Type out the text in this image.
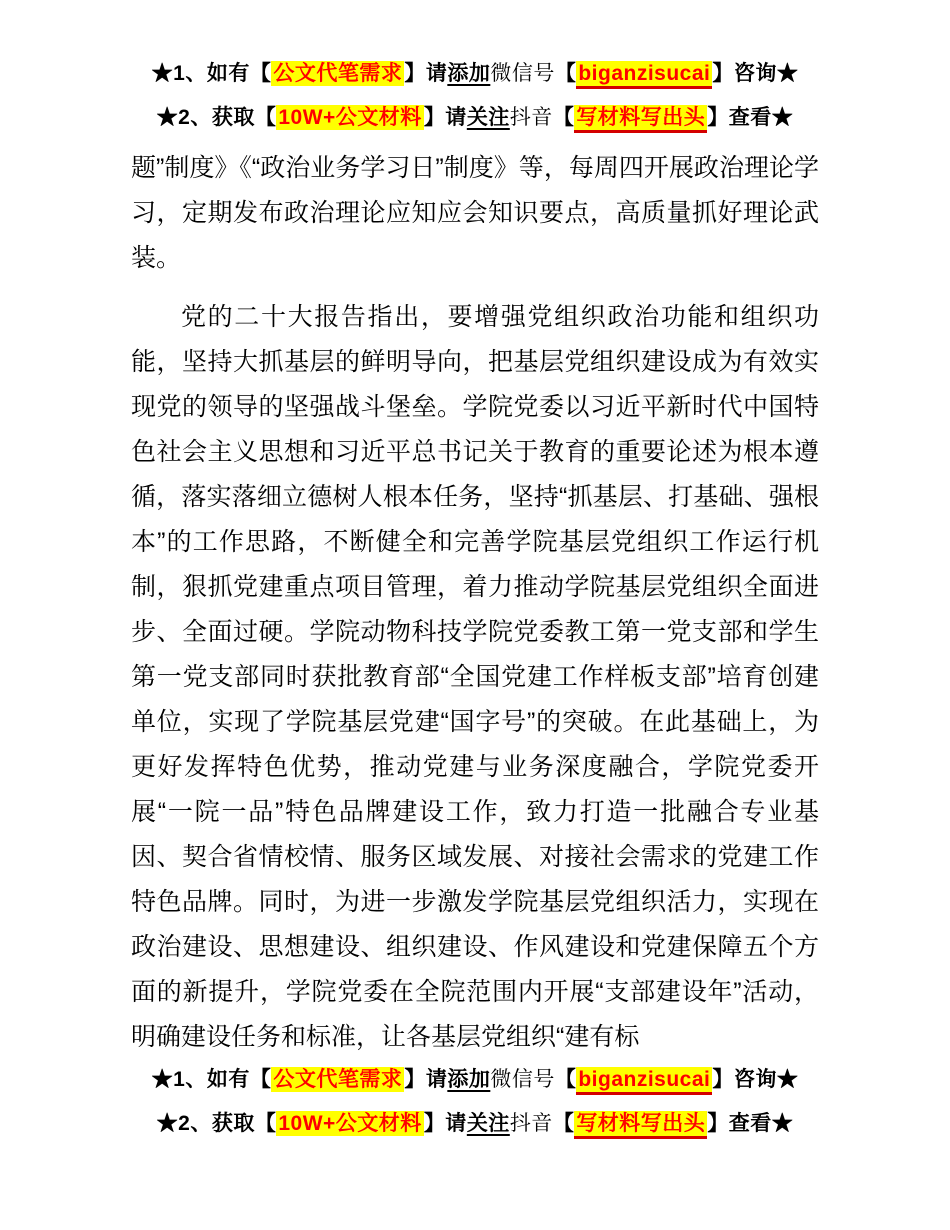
★1、如有【公文代笔需求】请添加微信号【biganzisucai】咨询★
★2、获取【10W+公文材料】请关注抖音【写材料写出头】查看★

题”制度》《“政治业务学习日”制度》等，每周四开展政治理论学习，定期发布政治理论应知应会知识要点，高质量抓好理论武装。

党的二十大报告指出，要增强党组织政治功能和组织功能，坚持大抓基层的鲜明导向，把基层党组织建设成为有效实现党的领导的坚强战斗堡垒。学院党委以习近平新时代中国特色社会主义思想和习近平总书记关于教育的重要论述为根本遵循，落实落细立德树人根本任务，坚持“抓基层、打基础、强根本”的工作思路，不断健全和完善学院基层党组织工作运行机制，狠抓党建重点项目管理，着力推动学院基层党组织全面进步、全面过硬。学院动物科技学院党委教工第一党支部和学生第一党支部同时获批教育部“全国党建工作样板支部”培育创建单位，实现了学院基层党建“国字号”的突破。在此基础上，为更好发挥特色优势，推动党建与业务深度融合，学院党委开展“一院一品”特色品牌建设工作，致力打造一批融合专业基因、契合省情校情、服务区域发展、对接社会需求的党建工作特色品牌。同时，为进一步激发学院基层党组织活力，实现在政治建设、思想建设、组织建设、作风建设和党建保障五个方面的新提升，学院党委在全院范围内开展“支部建设年”活动，明确建设任务和标准，让各基层党组织“建有标

★1、如有【公文代笔需求】请添加微信号【biganzisucai】咨询★
★2、获取【10W+公文材料】请关注抖音【写材料写出头】查看★
